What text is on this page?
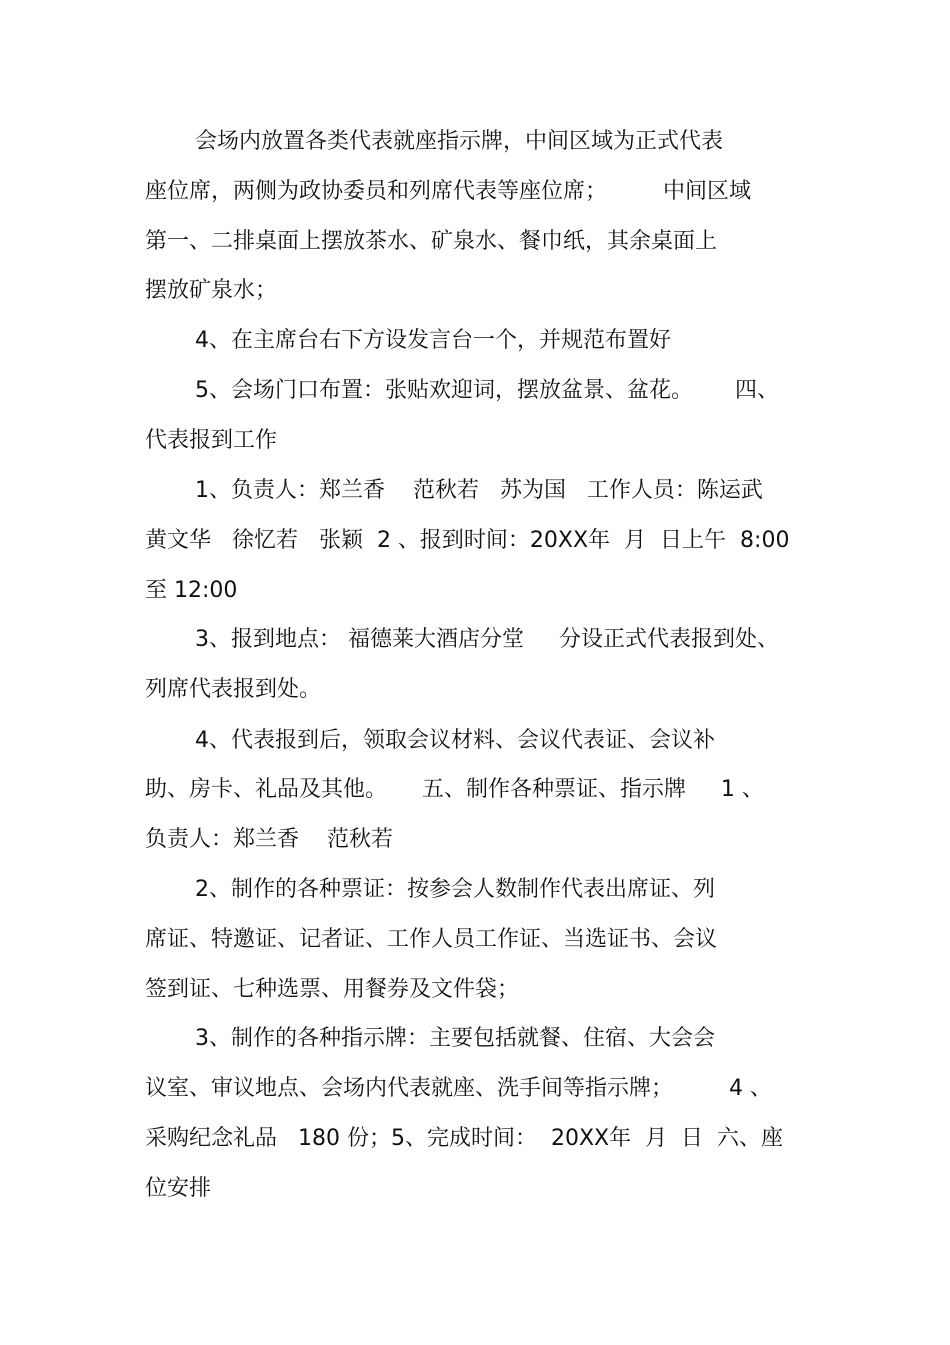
会场内放置各类代表就座指示牌，中间区域为正式代表
座位席，两侧为政协委员和列席代表等座位席；        中间区域
第一、二排桌面上摆放茶水、矿泉水、餐巾纸，其余桌面上
摆放矿泉水；
4、在主席台右下方设发言台一个，并规范布置好
5、会场门口布置：张贴欢迎词，摆放盆景、盆花。      四、
代表报到工作
1、负责人：郑兰香    范秋若   苏为国   工作人员：陈运武
黄文华   徐忆若   张颖  2 、报到时间：20XX年  月  日上午  8:00
至 12:00
3、报到地点： 福德莱大酒店分堂     分设正式代表报到处、
列席代表报到处。
4、代表报到后，领取会议材料、会议代表证、会议补
助、房卡、礼品及其他。     五、制作各种票证、指示牌     1 、
负责人：郑兰香    范秋若
2、制作的各种票证：按参会人数制作代表出席证、列
席证、特邀证、记者证、工作人员工作证、当选证书、会议
签到证、七种选票、用餐券及文件袋；
3、制作的各种指示牌：主要包括就餐、住宿、大会会
议室、审议地点、会场内代表就座、洗手间等指示牌；        4 、
采购纪念礼品   180 份；5、完成时间：  20XX年  月  日  六、座
位安排
